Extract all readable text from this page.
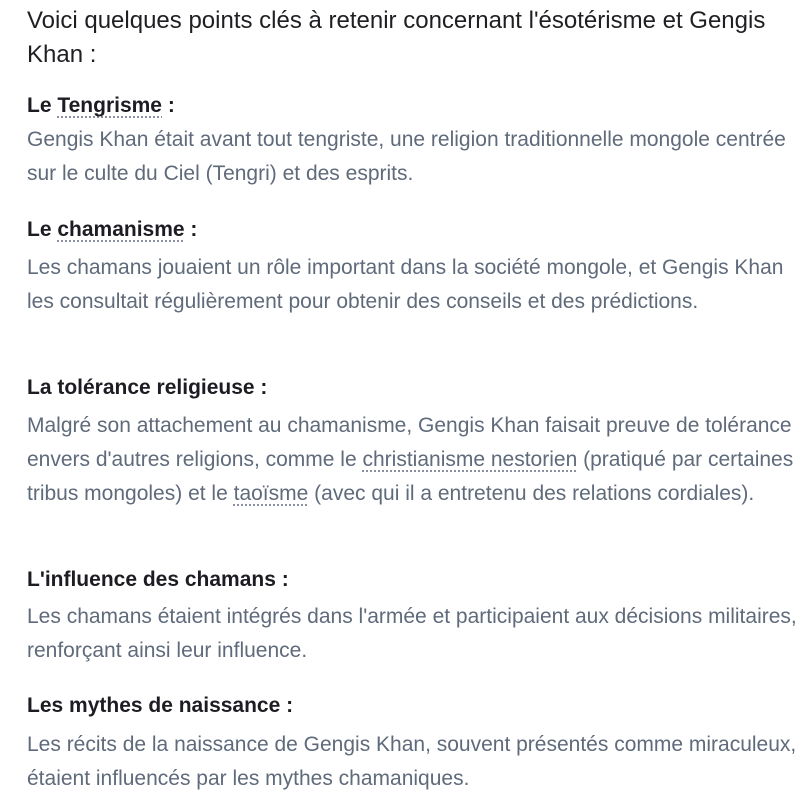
Voici quelques points clés à retenir concernant l'ésotérisme et Gengis Khan :

Le Tengrisme :

Gengis Khan était avant tout tengriste, une religion traditionnelle mongole centrée sur le culte du Ciel (Tengri) et des esprits.

Le chamanisme :

Les chamans jouaient un rôle important dans la société mongole, et Gengis Khan les consultait régulièrement pour obtenir des conseils et des prédictions.

La tolérance religieuse :

Malgré son attachement au chamanisme, Gengis Khan faisait preuve de tolérance envers d'autres religions, comme le christianisme nestorien (pratiqué par certaines tribus mongoles) et le taoïsme (avec qui il a entretenu des relations cordiales).

L'influence des chamans :

Les chamans étaient intégrés dans l'armée et participaient aux décisions militaires, renforçant ainsi leur influence.

Les mythes de naissance :

Les récits de la naissance de Gengis Khan, souvent présentés comme miraculeux, étaient influencés par les mythes chamaniques.
